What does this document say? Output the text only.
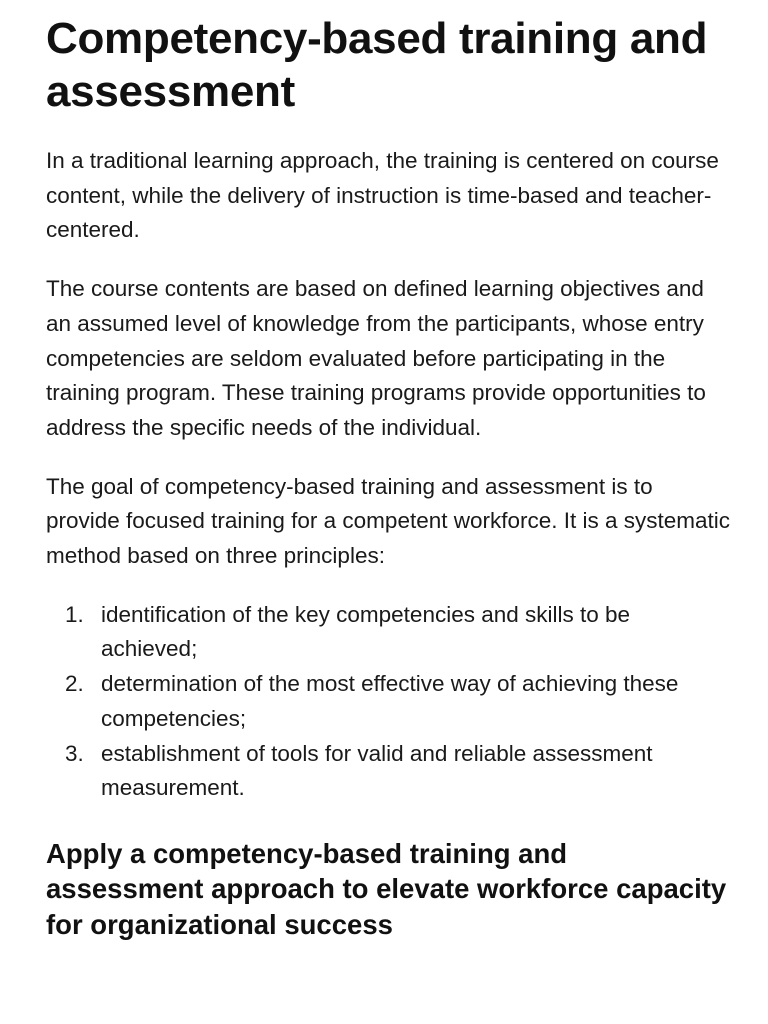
Competency-based training and assessment

In a traditional learning approach, the training is centered on course content, while the delivery of instruction is time-based and teacher-centered.

The course contents are based on defined learning objectives and an assumed level of knowledge from the participants, whose entry competencies are seldom evaluated before participating in the training program. These training programs provide opportunities to address the specific needs of the individual.

The goal of competency-based training and assessment is to provide focused training for a competent workforce. It is a systematic method based on three principles:

1. identification of the key competencies and skills to be achieved;
2. determination of the most effective way of achieving these competencies;
3. establishment of tools for valid and reliable assessment measurement.
Apply a competency-based training and assessment approach to elevate workforce capacity for organizational success
